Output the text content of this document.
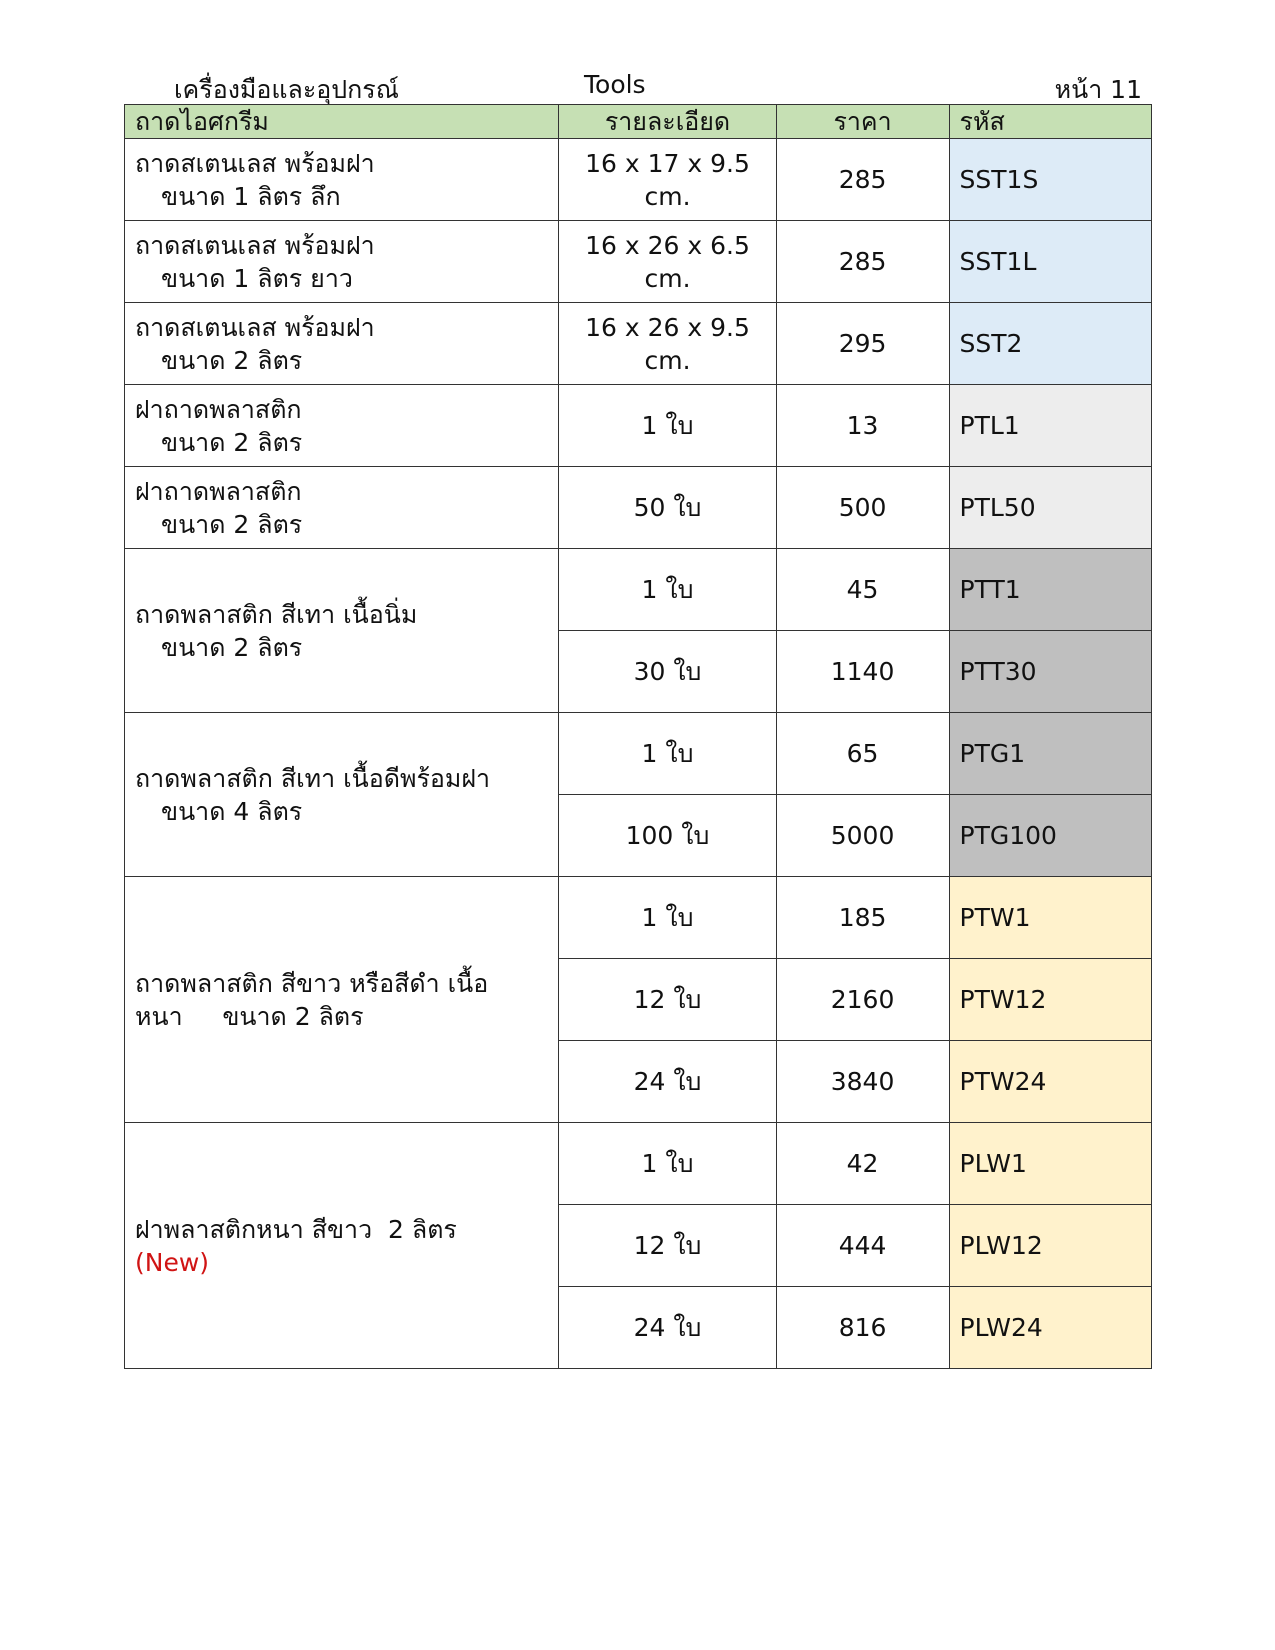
เครื่องมือและอุปกรณ์	Tools	หน้า 11
ถาดไอศกรีม	รายละเอียด	ราคา	รหัส

ถาดสเตนเลส พร้อมฝา
ขนาด 1 ลิตร ลึก	16 x 17 x 9.5 cm.	285	SST1S

ถาดสเตนเลส พร้อมฝา
ขนาด 1 ลิตร ยาว	16 x 26 x 6.5 cm.	285	SST1L

ถาดสเตนเลส พร้อมฝา
ขนาด 2 ลิตร	16 x 26 x 9.5 cm.	295	SST2

ฝาถาดพลาสติก
ขนาด 2 ลิตร	1 ใบ	13	PTL1

ฝาถาดพลาสติก
ขนาด 2 ลิตร	50 ใบ	500	PTL50

ถาดพลาสติก สีเทา เนื้อนิ่ม
ขนาด 2 ลิตร	1 ใบ	45	PTT1
	30 ใบ	1140	PTT30

ถาดพลาสติก สีเทา เนื้อดีพร้อมฝา
ขนาด 4 ลิตร	1 ใบ	65	PTG1
	100 ใบ	5000	PTG100

ถาดพลาสติก สีขาว หรือสีดำ เนื้อ
หนา     ขนาด 2 ลิตร	1 ใบ	185	PTW1
	12 ใบ	2160	PTW12
	24 ใบ	3840	PTW24

ฝาพลาสติกหนา สีขาว  2 ลิตร
(New)	1 ใบ	42	PLW1
	12 ใบ	444	PLW12
	24 ใบ	816	PLW24
